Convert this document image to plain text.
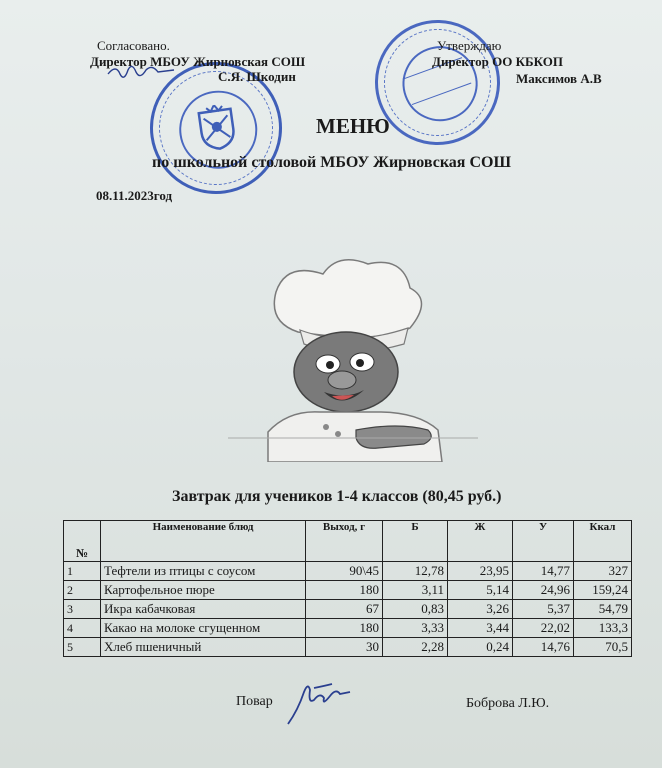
Согласовано.
Директор МБОУ Жирновская СОШ
С.Я. Шкодин
Утверждаю
Директор ОО КБКОП
Максимов А.В
МЕНЮ
по школьной столовой МБОУ Жирновская СОШ
08.11.2023год
Завтрак для учеников 1-4 классов (80,45 руб.)
№	Наименование блюд	Выход, г	Б	Ж	У	Ккал
1	Тефтели из птицы с соусом	90\45	12,78	23,95	14,77	327
2	Картофельное пюре	180	3,11	5,14	24,96	159,24
3	Икра кабачковая	67	0,83	3,26	5,37	54,79
4	Какао на молоке сгущенном	180	3,33	3,44	22,02	133,3
5	Хлеб пшеничный	30	2,28	0,24	14,76	70,5
Повар	Боброва Л.Ю.
